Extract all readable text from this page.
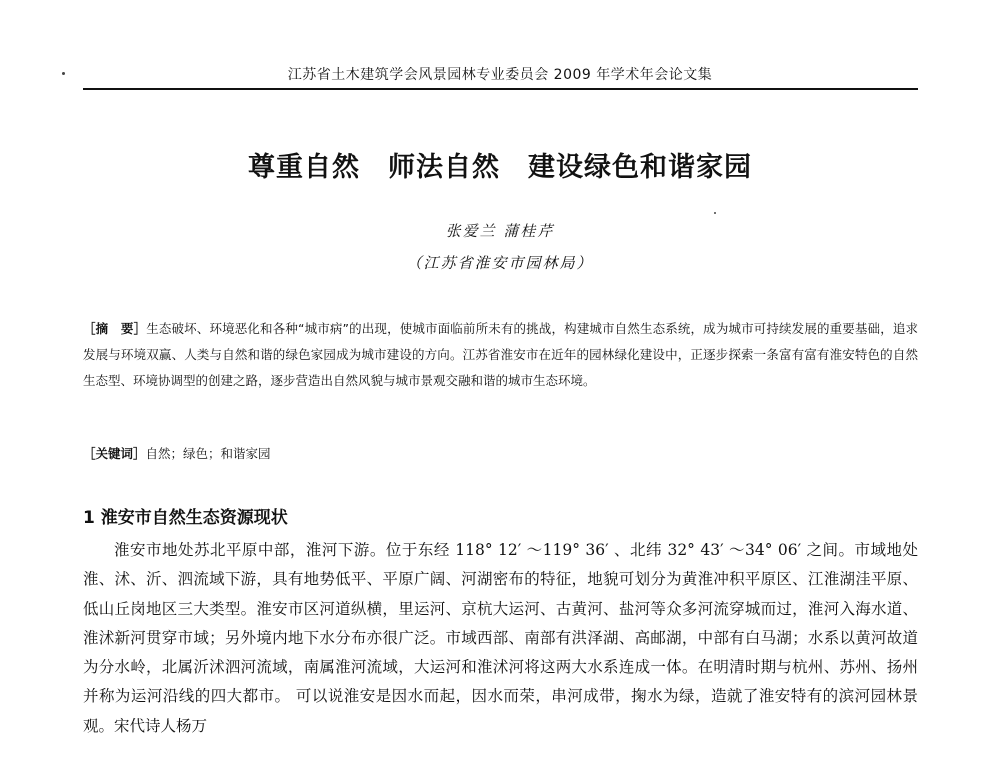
江苏省土木建筑学会风景园林专业委员会 2009 年学术年会论文集
尊重自然　师法自然　建设绿色和谐家园
张爱兰 蒲桂芹
（江苏省淮安市园林局）
［摘　要］生态破坏、环境恶化和各种“城市病”的出现，使城市面临前所未有的挑战，构建城市自然生态系统，成为城市可持续发展的重要基础，追求发展与环境双赢、人类与自然和谐的绿色家园成为城市建设的方向。江苏省淮安市在近年的园林绿化建设中，正逐步探索一条富有富有淮安特色的自然生态型、环境协调型的创建之路，逐步营造出自然风貌与城市景观交融和谐的城市生态环境。
［关键词］自然；绿色；和谐家园
1 淮安市自然生态资源现状
淮安市地处苏北平原中部，淮河下游。位于东经 118° 12′ ～119° 36′ 、北纬 32° 43′ ～34° 06′ 之间。市域地处淮、沭、沂、泗流域下游，具有地势低平、平原广阔、河湖密布的特征，地貌可划分为黄淮冲积平原区、江淮湖洼平原、低山丘岗地区三大类型。淮安市区河道纵横，里运河、京杭大运河、古黄河、盐河等众多河流穿城而过，淮河入海水道、淮沭新河贯穿市域；另外境内地下水分布亦很广泛。市域西部、南部有洪泽湖、高邮湖，中部有白马湖；水系以黄河故道为分水岭，北属沂沭泗河流域，南属淮河流域，大运河和淮沭河将这两大水系连成一体。在明清时期与杭州、苏州、扬州并称为运河沿线的四大都市。 可以说淮安是因水而起，因水而荣，串河成带，掬水为绿，造就了淮安特有的滨河园林景观。宋代诗人杨万
